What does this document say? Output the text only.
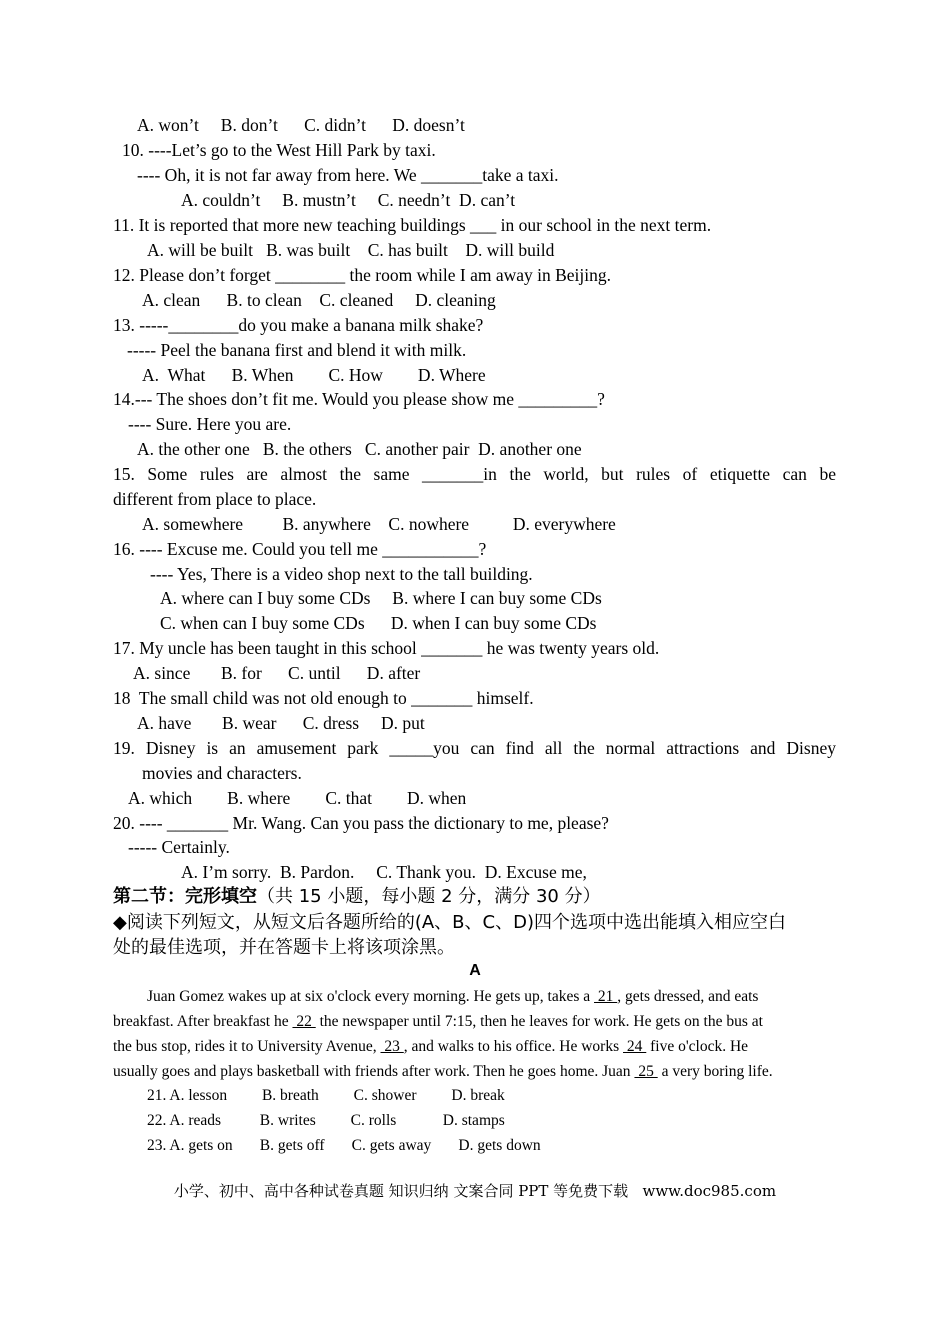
A. won’t     B. don’t      C. didn’t      D. doesn’t
10. ----Let’s go to the West Hill Park by taxi.
---- Oh, it is not far away from here. We _______take a taxi.
A. couldn’t     B. mustn’t     C. needn’t  D. can’t
11. It is reported that more new teaching buildings ___ in our school in the next term.
A. will be built   B. was built    C. has built    D. will build
12. Please don’t forget ________ the room while I am away in Beijing.
A. clean      B. to clean    C. cleaned     D. cleaning
13. -----________do you make a banana milk shake?
----- Peel the banana first and blend it with milk.
A.  What      B. When        C. How        D. Where
14.--- The shoes don’t fit me. Would you please show me _________?
---- Sure. Here you are.
A. the other one   B. the others   C. another pair  D. another one
15. Some rules are almost the same _______in the world, but rules of etiquette can be
different from place to place.
A. somewhere         B. anywhere    C. nowhere          D. everywhere
16. ---- Excuse me. Could you tell me ___________?
---- Yes, There is a video shop next to the tall building.
A. where can I buy some CDs     B. where I can buy some CDs
C. when can I buy some CDs      D. when I can buy some CDs
17. My uncle has been taught in this school _______ he was twenty years old.
A. since       B. for      C. until      D. after
18  The small child was not old enough to _______ himself.
A. have       B. wear      C. dress     D. put
19. Disney is an amusement park _____you can find all the normal attractions and Disney
movies and characters.
A. which        B. where        C. that        D. when
20. ---- _______ Mr. Wang. Can you pass the dictionary to me, please?
----- Certainly.
A. I’m sorry.  B. Pardon.     C. Thank you.  D. Excuse me,
第二节：完形填空（共 15 小题，每小题 2 分，满分 30 分）
◆阅读下列短文，从短文后各题所给的(A、B、C、D)四个选项中选出能填入相应空白
处的最佳选项，并在答题卡上将该项涂黑。
A
Juan Gomez wakes up at six o'clock every morning. He gets up, takes a  21 , gets dressed, and eats
breakfast. After breakfast he  22  the newspaper until 7:15, then he leaves for work. He gets on the bus at
the bus stop, rides it to University Avenue,  23 , and walks to his office. He works  24  five o'clock. He
usually goes and plays basketball with friends after work. Then he goes home. Juan  25  a very boring life.
21. A. lesson         B. breath         C. shower         D. break
22. A. reads          B. writes         C. rolls            D. stamps
23. A. gets on       B. gets off       C. gets away       D. gets down
小学、初中、高中各种试卷真题 知识归纳 文案合同 PPT 等免费下载   www.doc985.com
